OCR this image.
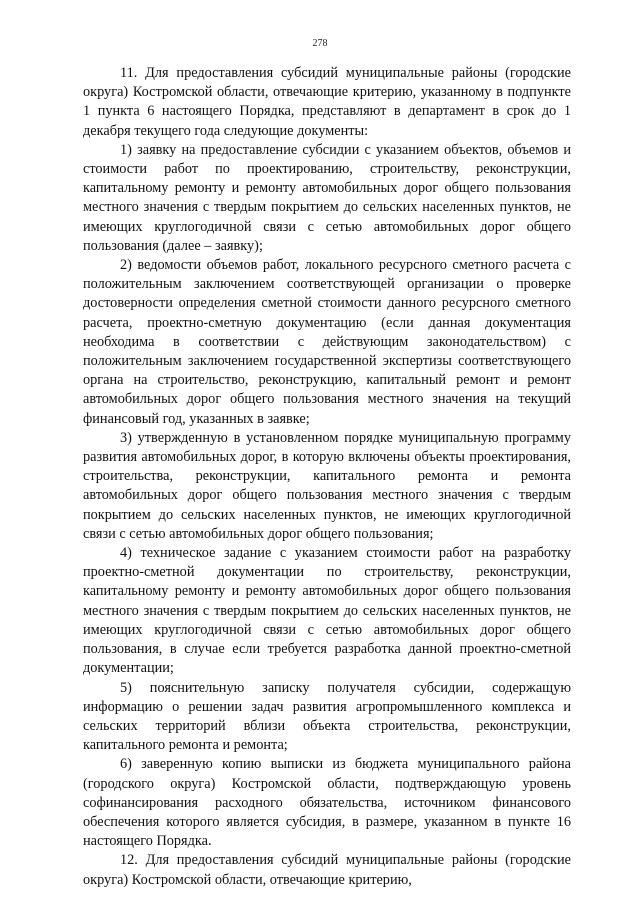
278

11. Для предоставления субсидий муниципальные районы (городские округа) Костромской области, отвечающие критерию, указанному в подпункте 1 пункта 6 настоящего Порядка, представляют в департамент в срок до 1 декабря текущего года следующие документы:

1) заявку на предоставление субсидии с указанием объектов, объемов и стоимости работ по проектированию, строительству, реконструкции, капитальному ремонту и ремонту автомобильных дорог общего пользования местного значения с твердым покрытием до сельских населенных пунктов, не имеющих круглогодичной связи с сетью автомобильных дорог общего пользования (далее – заявку);

2) ведомости объемов работ, локального ресурсного сметного расчета с положительным заключением соответствующей организации о проверке достоверности определения сметной стоимости данного ресурсного сметного расчета, проектно-сметную документацию (если данная документация необходима в соответствии с действующим законодательством) с положительным заключением государственной экспертизы соответствующего органа на строительство, реконструкцию, капитальный ремонт и ремонт автомобильных дорог общего пользования местного значения на текущий финансовый год, указанных в заявке;

3) утвержденную в установленном порядке муниципальную программу развития автомобильных дорог, в которую включены объекты проектирования, строительства, реконструкции, капитального ремонта и ремонта автомобильных дорог общего пользования местного значения с твердым покрытием до сельских населенных пунктов, не имеющих круглогодичной связи с сетью автомобильных дорог общего пользования;

4) техническое задание с указанием стоимости работ на разработку проектно-сметной документации по строительству, реконструкции, капитальному ремонту и ремонту автомобильных дорог общего пользования местного значения с твердым покрытием до сельских населенных пунктов, не имеющих круглогодичной связи с сетью автомобильных дорог общего пользования, в случае если требуется разработка данной проектно-сметной документации;

5) пояснительную записку получателя субсидии, содержащую информацию о решении задач развития агропромышленного комплекса и сельских территорий вблизи объекта строительства, реконструкции, капитального ремонта и ремонта;

6) заверенную копию выписки из бюджета муниципального района (городского округа) Костромской области, подтверждающую уровень софинансирования расходного обязательства, источником финансового обеспечения которого является субсидия, в размере, указанном в пункте 16 настоящего Порядка.

12. Для предоставления субсидий муниципальные районы (городские округа) Костромской области, отвечающие критерию,
